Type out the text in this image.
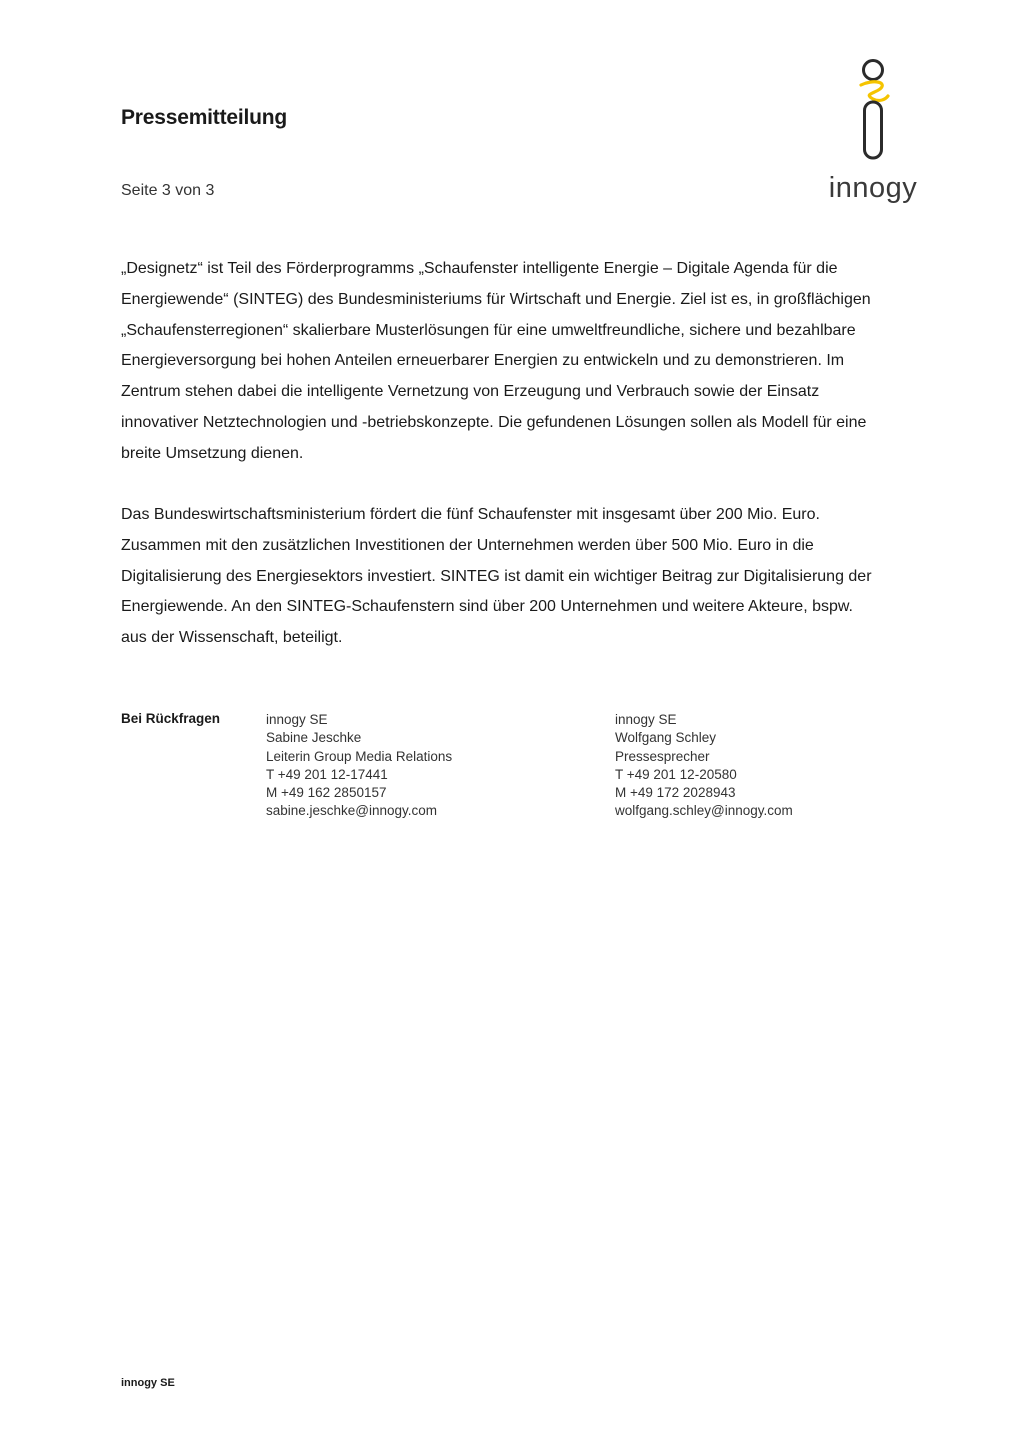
Pressemitteilung
Seite 3 von 3	innogy
„Designetz“ ist Teil des Förderprogramms „Schaufenster intelligente Energie – Digitale Agenda für die
Energiewende“ (SINTEG) des Bundesministeriums für Wirtschaft und Energie. Ziel ist es, in großflächigen
„Schaufensterregionen“ skalierbare Musterlösungen für eine umweltfreundliche, sichere und bezahlbare
Energieversorgung bei hohen Anteilen erneuerbarer Energien zu entwickeln und zu demonstrieren. Im
Zentrum stehen dabei die intelligente Vernetzung von Erzeugung und Verbrauch sowie der Einsatz
innovativer Netztechnologien und -betriebskonzepte. Die gefundenen Lösungen sollen als Modell für eine
breite Umsetzung dienen.
Das Bundeswirtschaftsministerium fördert die fünf Schaufenster mit insgesamt über 200 Mio. Euro.
Zusammen mit den zusätzlichen Investitionen der Unternehmen werden über 500 Mio. Euro in die
Digitalisierung des Energiesektors investiert. SINTEG ist damit ein wichtiger Beitrag zur Digitalisierung der
Energiewende. An den SINTEG-Schaufenstern sind über 200 Unternehmen und weitere Akteure, bspw.
aus der Wissenschaft, beteiligt.
Bei Rückfragen	innogy SE
Sabine Jeschke
Leiterin Group Media Relations
T +49 201 12-17441
M +49 162 2850157
sabine.jeschke@innogy.com
innogy SE
Wolfgang Schley
Pressesprecher
T +49 201 12-20580
M +49 172 2028943
wolfgang.schley@innogy.com
innogy SE
